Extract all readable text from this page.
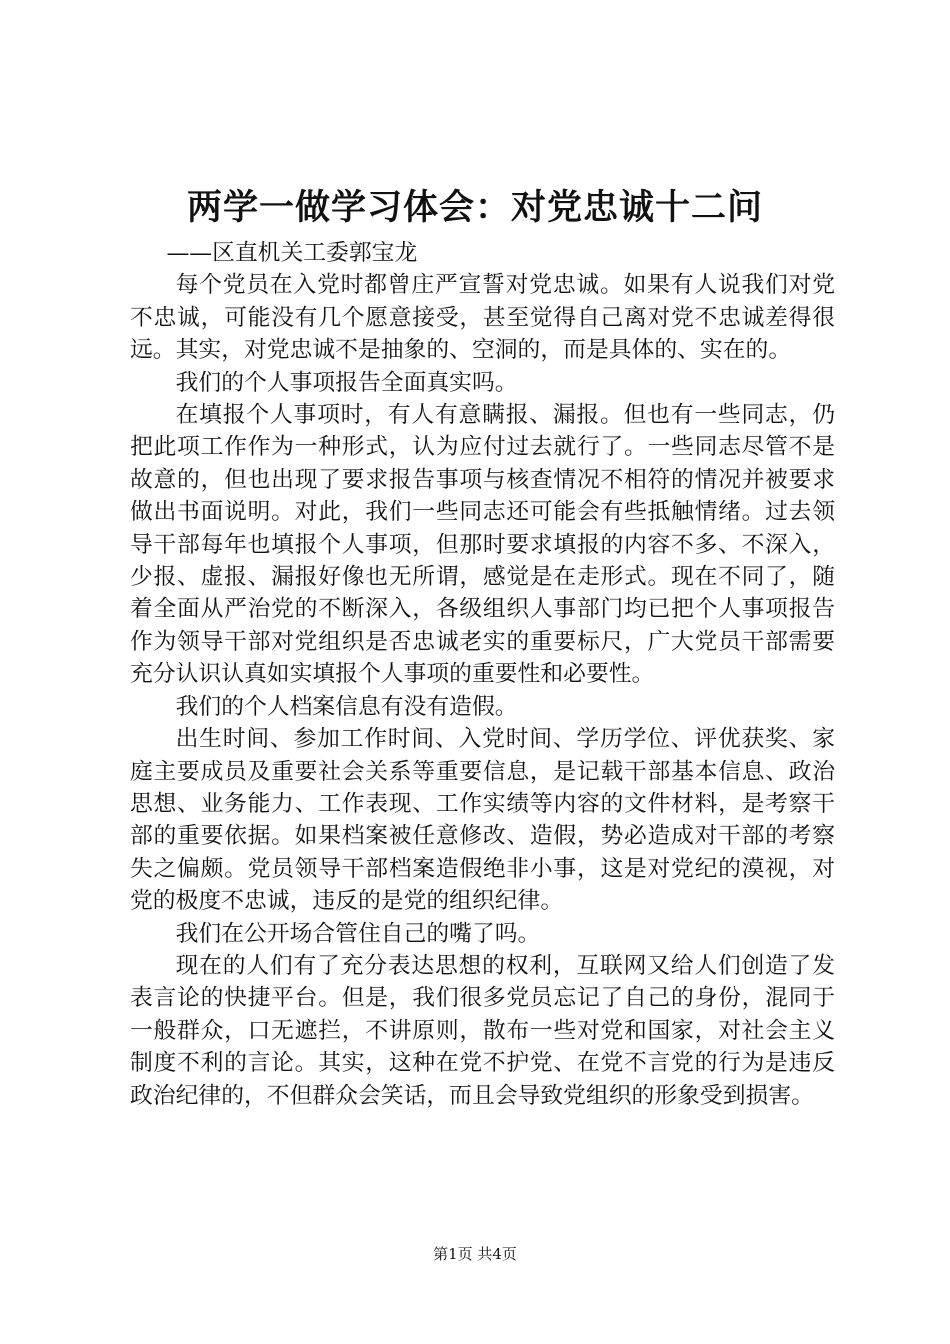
两学一做学习体会：对党忠诚十二问

——区直机关工委郭宝龙

每个党员在入党时都曾庄严宣誓对党忠诚。如果有人说我们对党不忠诚，可能没有几个愿意接受，甚至觉得自己离对党不忠诚差得很远。其实，对党忠诚不是抽象的、空洞的，而是具体的、实在的。

我们的个人事项报告全面真实吗。

在填报个人事项时，有人有意瞒报、漏报。但也有一些同志，仍把此项工作作为一种形式，认为应付过去就行了。一些同志尽管不是故意的，但也出现了要求报告事项与核查情况不相符的情况并被要求做出书面说明。对此，我们一些同志还可能会有些抵触情绪。过去领导干部每年也填报个人事项，但那时要求填报的内容不多、不深入，少报、虚报、漏报好像也无所谓，感觉是在走形式。现在不同了，随着全面从严治党的不断深入，各级组织人事部门均已把个人事项报告作为领导干部对党组织是否忠诚老实的重要标尺，广大党员干部需要充分认识认真如实填报个人事项的重要性和必要性。

我们的个人档案信息有没有造假。

出生时间、参加工作时间、入党时间、学历学位、评优获奖、家庭主要成员及重要社会关系等重要信息，是记载干部基本信息、政治思想、业务能力、工作表现、工作实绩等内容的文件材料，是考察干部的重要依据。如果档案被任意修改、造假，势必造成对干部的考察失之偏颇。党员领导干部档案造假绝非小事，这是对党纪的漠视，对党的极度不忠诚，违反的是党的组织纪律。

我们在公开场合管住自己的嘴了吗。

现在的人们有了充分表达思想的权利，互联网又给人们创造了发表言论的快捷平台。但是，我们很多党员忘记了自己的身份，混同于一般群众，口无遮拦，不讲原则，散布一些对党和国家，对社会主义制度不利的言论。其实，这种在党不护党、在党不言党的行为是违反政治纪律的，不但群众会笑话，而且会导致党组织的形象受到损害。

第1页 共4页
